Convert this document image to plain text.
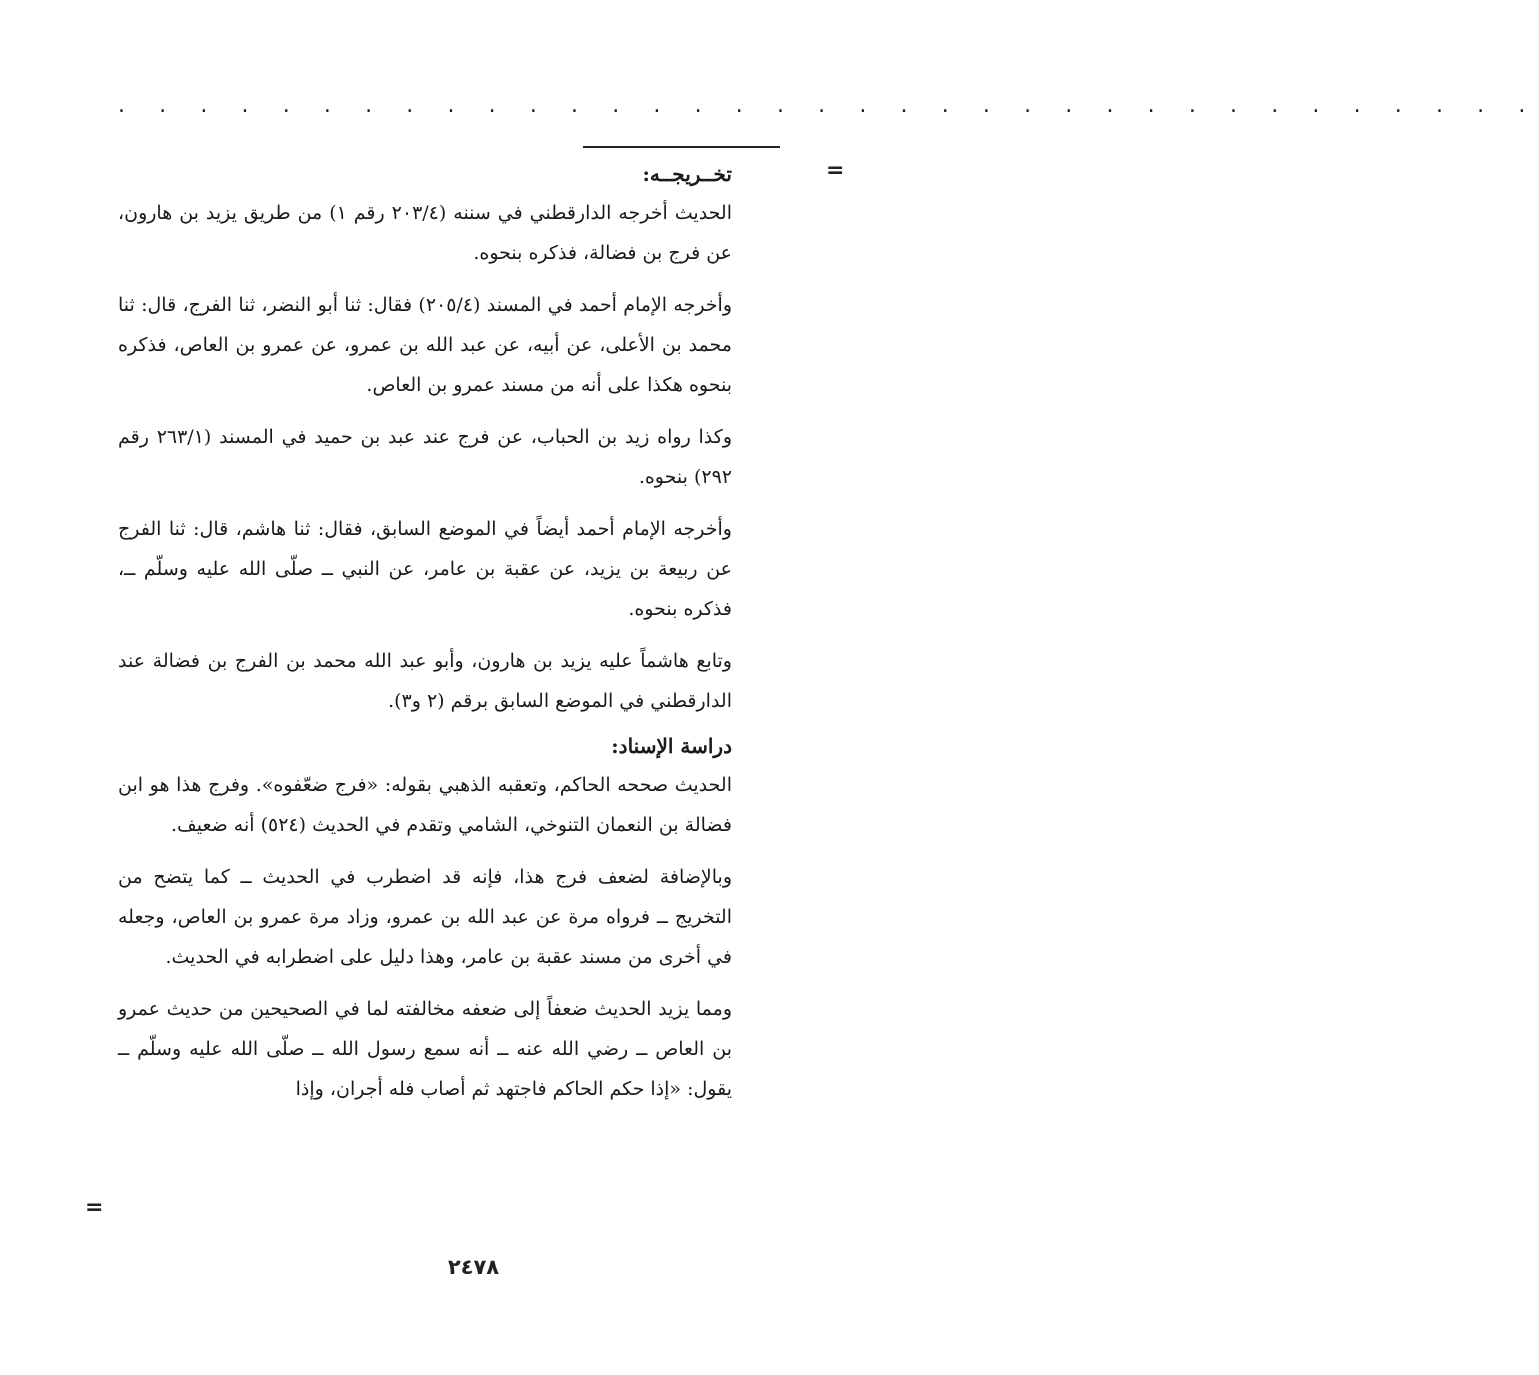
. . . . . . . . . . . . . . . . . . . . . . . . . . . . . . . . . . .
=
=

تخــريجــه:

الحديث أخرجه الدارقطني في سننه (٢٠٣/٤ رقم ١) من طريق يزيد بن هارون، عن فرج بن فضالة، فذكره بنحوه.

وأخرجه الإمام أحمد في المسند (٢٠٥/٤) فقال: ثنا أبو النضر، ثنا الفرج، قال: ثنا محمد بن الأعلى، عن أبيه، عن عبد الله بن عمرو، عن عمرو بن العاص، فذكره بنحوه هكذا على أنه من مسند عمرو بن العاص.

وكذا رواه زيد بن الحباب، عن فرج عند عبد بن حميد في المسند (٢٦٣/١ رقم ٢٩٢) بنحوه.

وأخرجه الإمام أحمد أيضاً في الموضع السابق، فقال: ثنا هاشم، قال: ثنا الفرج عن ربيعة بن يزيد، عن عقبة بن عامر، عن النبي ــ صلّى الله عليه وسلّم ــ، فذكره بنحوه.

وتابع هاشماً عليه يزيد بن هارون، وأبو عبد الله محمد بن الفرج بن فضالة عند الدارقطني في الموضع السابق برقم (٢ و٣).

دراسة الإسناد:

الحديث صححه الحاكم، وتعقبه الذهبي بقوله: «فرج ضعّفوه». وفرج هذا هو ابن فضالة بن النعمان التنوخي، الشامي وتقدم في الحديث (٥٢٤) أنه ضعيف.

وبالإضافة لضعف فرج هذا، فإنه قد اضطرب في الحديث ــ كما يتضح من التخريج ــ فرواه مرة عن عبد الله بن عمرو، وزاد مرة عمرو بن العاص، وجعله في أخرى من مسند عقبة بن عامر، وهذا دليل على اضطرابه في الحديث.

ومما يزيد الحديث ضعفاً إلى ضعفه مخالفته لما في الصحيحين من حديث عمرو بن العاص ــ رضي الله عنه ــ أنه سمع رسول الله ــ صلّى الله عليه وسلّم ــ يقول: «إذا حكم الحاكم فاجتهد ثم أصاب فله أجران، وإذا

٢٤٧٨
